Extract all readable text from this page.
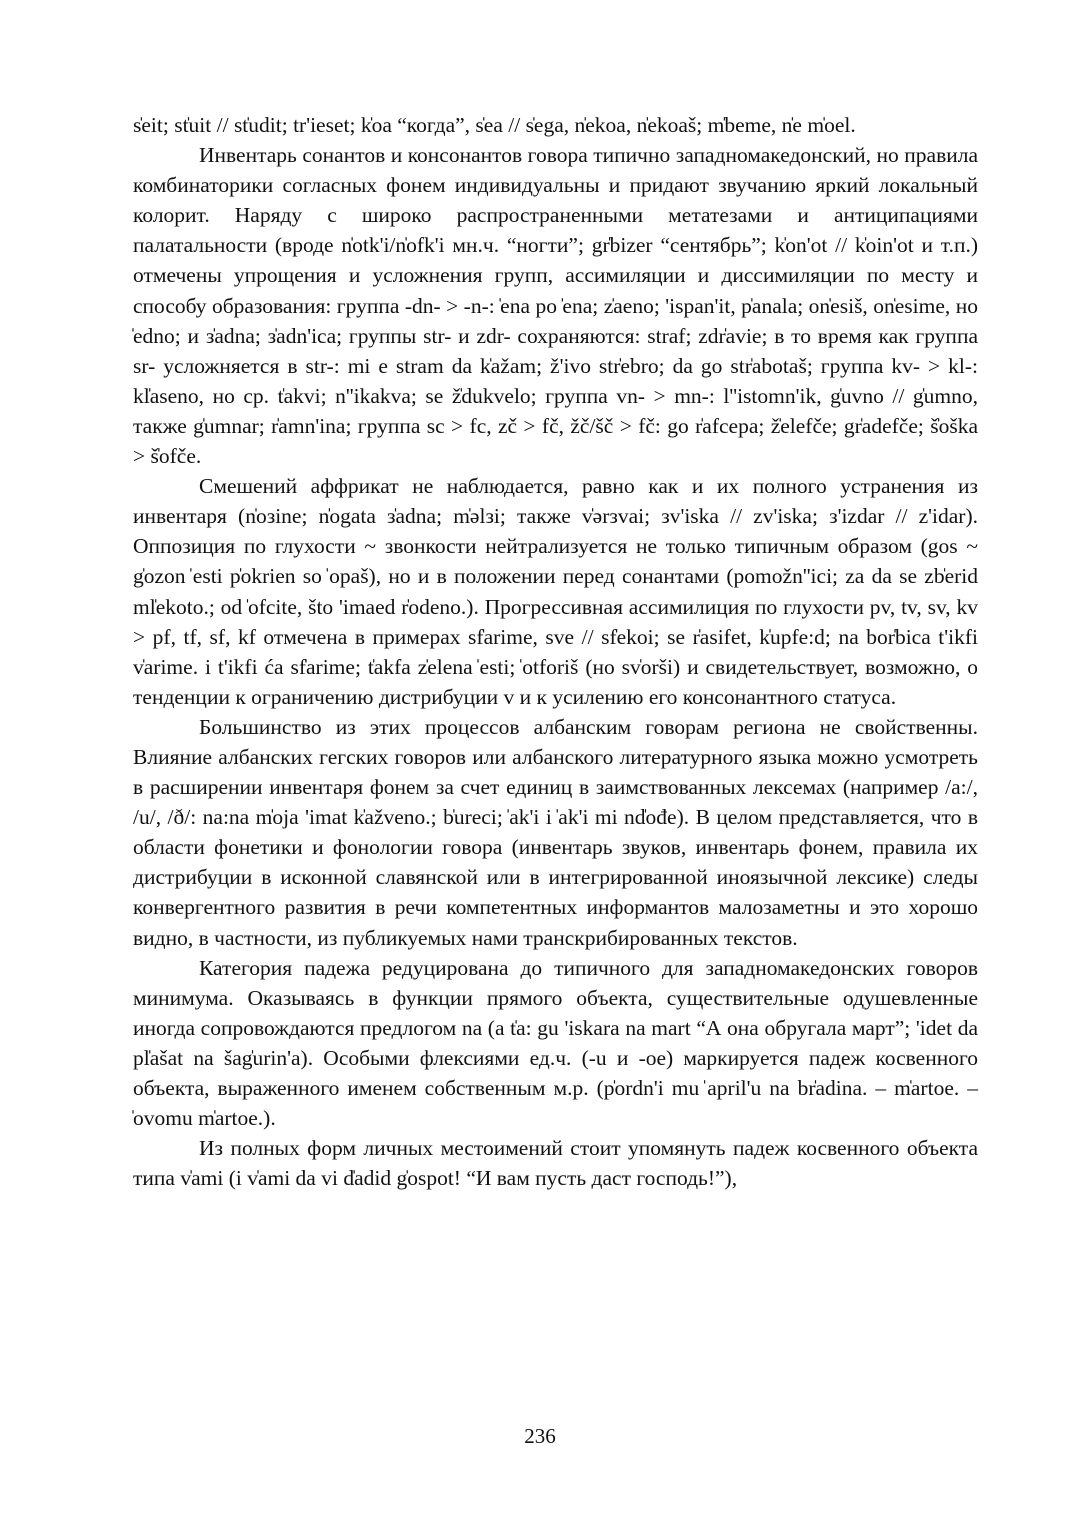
s̍eit; st̍uit // st̍udit; tr'ieset; k̍oa “когда”, s̍ea // s̍ega, n̍ekoa, n̍ekoaš; m̍beme, n̍e m̍oel.

Инвентарь сонантов и консонантов говора типично западномакедонский, но правила комбинаторики согласных фонем индивидуальны и придают звучанию яркий локальный колорит. Наряду с широко распространенными метатезами и антиципациями палатальности (вроде n̍otk'i/n̍ofk'i мн.ч. “ногти”; gr̍bizer “сентябрь”; k̍on'ot // k̍oin'ot и т.п.) отмечены упрощения и усложнения групп, ассимиляции и диссимиляции по месту и способу образования: группа -dn- > -n-: ̍ena po ̍ena; z̍aeno; 'ispan'it, p̍anala; on̍esiš, on̍esime, но ̍edno; и з̍adna; з̍adn'ica; группы str- и zdr- сохраняются: straf; zdr̍avie; в то время как группа sr- усложняется в str-: mi e stram da k̍ažam; ž'ivo str̍ebro; da go str̍abotaš; группа kv- > kl-: kl̍aseno, но ср. t̍akvi; n''ikakva; se ž̍dukvelo; группа vn- > mn-: l''istomn'ik, g̍uvno // g̍umno, также g̍umnar; r̍amn'ina; группа sc > fc, zč > fč, žč/šč > fč: go r̍afcepa; ž̍elefče; gr̍adefče; š̍oška > š̍ofče.

Смешений аффрикат не наблюдается, равно как и их полного устранения из инвентаря (n̍oзine; n̍ogata з̍adna; m̍ǝlзi; также v̍ǝrзvai; зv'iska // zv'iska; з'izdar // z'idar). Оппозиция по глухости ~ звонкости нейтрализуется не только типичным образом (gos ~ g̍ozon ̍esti p̍okrien so ̍opaš), но и в положении перед сонантами (pomožn''ici; za da se zb̍erid ml̍ekoto.; od ̍ofcite, što 'imaed r̍odeno.). Прогрессивная ассимилиция по глухости pv, tv, sv, kv > pf, tf, sf, kf отмечена в примерах sf̍arime, sve // sf̍ekoi; se r̍asifet, k̍upfe:d; na bor̍bica t'ikfi v̍arime. i t'ikfi ća sf̍arime; t̍akfa z̍elena ̍esti; ̍otforiš (но sv̍orši) и свидетельствует, возможно, о тенденции к ограничению дистрибуции v и к усилению его консонантного статуса.

Большинство из этих процессов албанским говорам региона не свойственны. Влияние албанских гегских говоров или албанского литературного языка можно усмотреть в расширении инвентаря фонем за счет единиц в заимствованных лексемах (например /a:/, /u/, /ð/: na:na m̍oja 'imat k̍ažveno.; b̍ureci; ̍ak'i i ̍ak'i mi nd̍ođe). В целом представляется, что в области фонетики и фонологии говора (инвентарь звуков, инвентарь фонем, правила их дистрибуции в исконной славянской или в интегрированной иноязычной лексике) следы конвергентного развития в речи компетентных информантов малозаметны и это хорошо видно, в частности, из публикуемых нами транскрибированных текстов.

Категория падежа редуцирована до типичного для западномакедонских говоров минимума. Оказываясь в функции прямого объекта, существительные одушевленные иногда сопровождаются предлогом na (a t̍a: gu 'iskara na mart “А она обругала март”; 'idet da pl̍ašat na šag̍urin'a). Особыми флексиями ед.ч. (-u и -oe) маркируется падеж косвенного объекта, выраженного именем собственным м.р. (p̍ordn'i mu ̍april'u na br̍adina. – m̍artoe. – ̍ovomu m̍artoe.).

Из полных форм личных местоимений стоит упомянуть падеж косвенного объекта типа v̍ami (i v̍ami da vi d̍adid g̍ospot! “И вам пусть даст господь!”),

236
